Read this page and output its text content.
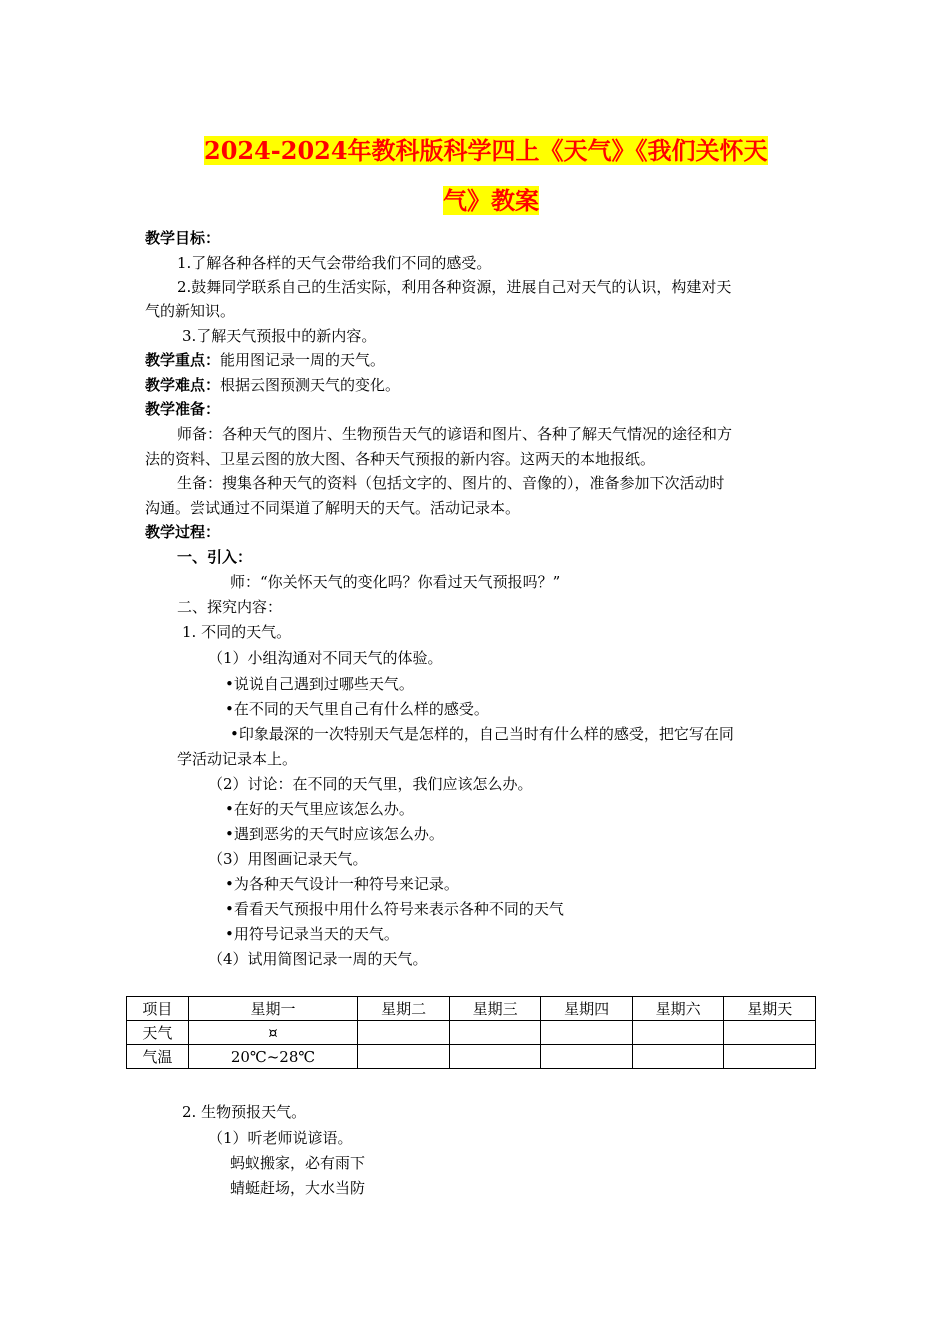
2024-2024年教科版科学四上《天气》《我们关怀天
气》教案
教学目标：
1.了解各种各样的天气会带给我们不同的感受。
2.鼓舞同学联系自己的生活实际，利用各种资源，进展自己对天气的认识，构建对天
气的新知识。
3.了解天气预报中的新内容。
教学重点：能用图记录一周的天气。
教学难点：根据云图预测天气的变化。
教学准备：
师备：各种天气的图片、生物预告天气的谚语和图片、各种了解天气情况的途径和方
法的资料、卫星云图的放大图、各种天气预报的新内容。这两天的本地报纸。
生备：搜集各种天气的资料（包括文字的、图片的、音像的），准备参加下次活动时
沟通。尝试通过不同渠道了解明天的天气。活动记录本。
教学过程：
一、引入：
师：“你关怀天气的变化吗？你看过天气预报吗？”
二、探究内容：
1. 不同的天气。
（1）小组沟通对不同天气的体验。
•说说自己遇到过哪些天气。
•在不同的天气里自己有什么样的感受。
•印象最深的一次特别天气是怎样的，自己当时有什么样的感受，把它写在同
学活动记录本上。
（2）讨论：在不同的天气里，我们应该怎么办。
•在好的天气里应该怎么办。
•遇到恶劣的天气时应该怎么办。
（3）用图画记录天气。
•为各种天气设计一种符号来记录。
•看看天气预报中用什么符号来表示各种不同的天气
•用符号记录当天的天气。
（4）试用简图记录一周的天气。
项目	星期一	星期二	星期三	星期四	星期六	星期天
天气	¤					
气温	20℃~28℃					
2. 生物预报天气。
（1）听老师说谚语。
蚂蚁搬家，必有雨下
蜻蜓赶场，大水当防
